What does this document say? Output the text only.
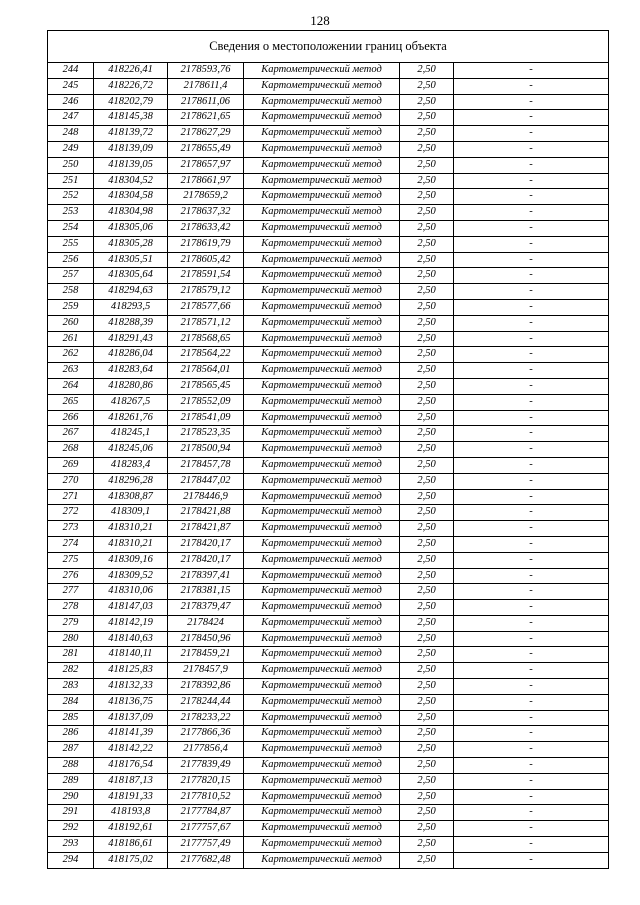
128
Сведения о местоположении границ объекта					
244	418226,41	2178593,76	Картометрический метод	2,50	-
245	418226,72	2178611,4	Картометрический метод	2,50	-
246	418202,79	2178611,06	Картометрический метод	2,50	-
247	418145,38	2178621,65	Картометрический метод	2,50	-
248	418139,72	2178627,29	Картометрический метод	2,50	-
249	418139,09	2178655,49	Картометрический метод	2,50	-
250	418139,05	2178657,97	Картометрический метод	2,50	-
251	418304,52	2178661,97	Картометрический метод	2,50	-
252	418304,58	2178659,2	Картометрический метод	2,50	-
253	418304,98	2178637,32	Картометрический метод	2,50	-
254	418305,06	2178633,42	Картометрический метод	2,50	-
255	418305,28	2178619,79	Картометрический метод	2,50	-
256	418305,51	2178605,42	Картометрический метод	2,50	-
257	418305,64	2178591,54	Картометрический метод	2,50	-
258	418294,63	2178579,12	Картометрический метод	2,50	-
259	418293,5	2178577,66	Картометрический метод	2,50	-
260	418288,39	2178571,12	Картометрический метод	2,50	-
261	418291,43	2178568,65	Картометрический метод	2,50	-
262	418286,04	2178564,22	Картометрический метод	2,50	-
263	418283,64	2178564,01	Картометрический метод	2,50	-
264	418280,86	2178565,45	Картометрический метод	2,50	-
265	418267,5	2178552,09	Картометрический метод	2,50	-
266	418261,76	2178541,09	Картометрический метод	2,50	-
267	418245,1	2178523,35	Картометрический метод	2,50	-
268	418245,06	2178500,94	Картометрический метод	2,50	-
269	418283,4	2178457,78	Картометрический метод	2,50	-
270	418296,28	2178447,02	Картометрический метод	2,50	-
271	418308,87	2178446,9	Картометрический метод	2,50	-
272	418309,1	2178421,88	Картометрический метод	2,50	-
273	418310,21	2178421,87	Картометрический метод	2,50	-
274	418310,21	2178420,17	Картометрический метод	2,50	-
275	418309,16	2178420,17	Картометрический метод	2,50	-
276	418309,52	2178397,41	Картометрический метод	2,50	-
277	418310,06	2178381,15	Картометрический метод	2,50	-
278	418147,03	2178379,47	Картометрический метод	2,50	-
279	418142,19	2178424	Картометрический метод	2,50	-
280	418140,63	2178450,96	Картометрический метод	2,50	-
281	418140,11	2178459,21	Картометрический метод	2,50	-
282	418125,83	2178457,9	Картометрический метод	2,50	-
283	418132,33	2178392,86	Картометрический метод	2,50	-
284	418136,75	2178244,44	Картометрический метод	2,50	-
285	418137,09	2178233,22	Картометрический метод	2,50	-
286	418141,39	2177866,36	Картометрический метод	2,50	-
287	418142,22	2177856,4	Картометрический метод	2,50	-
288	418176,54	2177839,49	Картометрический метод	2,50	-
289	418187,13	2177820,15	Картометрический метод	2,50	-
290	418191,33	2177810,52	Картометрический метод	2,50	-
291	418193,8	2177784,87	Картометрический метод	2,50	-
292	418192,61	2177757,67	Картометрический метод	2,50	-
293	418186,61	2177757,49	Картометрический метод	2,50	-
294	418175,02	2177682,48	Картометрический метод	2,50	-
